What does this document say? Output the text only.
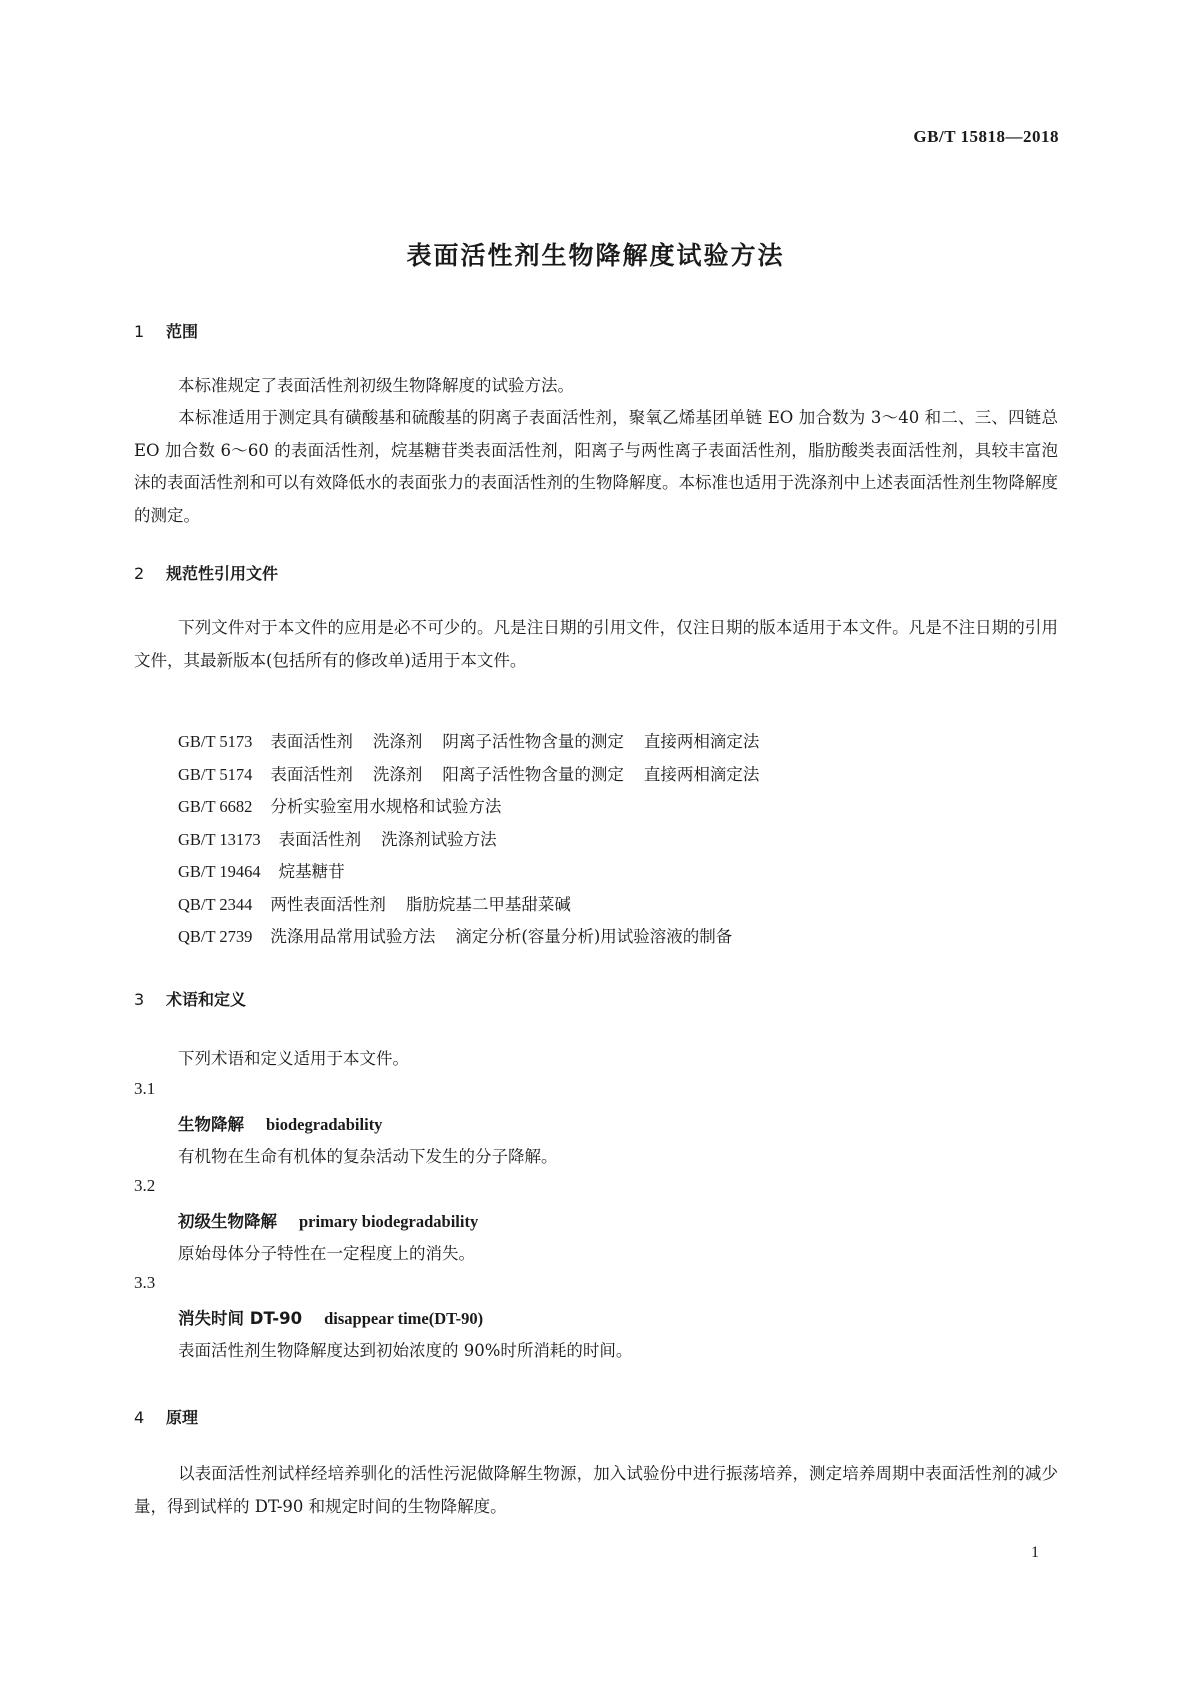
GB/T 15818—2018
表面活性剂生物降解度试验方法
1 范围
本标准规定了表面活性剂初级生物降解度的试验方法。
本标准适用于测定具有磺酸基和硫酸基的阴离子表面活性剂，聚氧乙烯基团单链 EO 加合数为 3～40 和二、三、四链总 EO 加合数 6～60 的表面活性剂，烷基糖苷类表面活性剂，阳离子与两性离子表面活性剂，脂肪酸类表面活性剂，具较丰富泡沫的表面活性剂和可以有效降低水的表面张力的表面活性剂的生物降解度。本标准也适用于洗涤剂中上述表面活性剂生物降解度的测定。
2 规范性引用文件
下列文件对于本文件的应用是必不可少的。凡是注日期的引用文件，仅注日期的版本适用于本文件。凡是不注日期的引用文件，其最新版本(包括所有的修改单)适用于本文件。
GB/T 5173 表面活性剂 洗涤剂 阴离子活性物含量的测定 直接两相滴定法
GB/T 5174 表面活性剂 洗涤剂 阳离子活性物含量的测定 直接两相滴定法
GB/T 6682 分析实验室用水规格和试验方法
GB/T 13173 表面活性剂 洗涤剂试验方法
GB/T 19464 烷基糖苷
QB/T 2344 两性表面活性剂 脂肪烷基二甲基甜菜碱
QB/T 2739 洗涤用品常用试验方法 滴定分析(容量分析)用试验溶液的制备
3 术语和定义
下列术语和定义适用于本文件。
3.1
生物降解 biodegradability
有机物在生命有机体的复杂活动下发生的分子降解。
3.2
初级生物降解 primary biodegradability
原始母体分子特性在一定程度上的消失。
3.3
消失时间 DT-90 disappear time(DT-90)
表面活性剂生物降解度达到初始浓度的 90%时所消耗的时间。
4 原理
以表面活性剂试样经培养驯化的活性污泥做降解生物源，加入试验份中进行振荡培养，测定培养周期中表面活性剂的减少量，得到试样的 DT-90 和规定时间的生物降解度。
1
